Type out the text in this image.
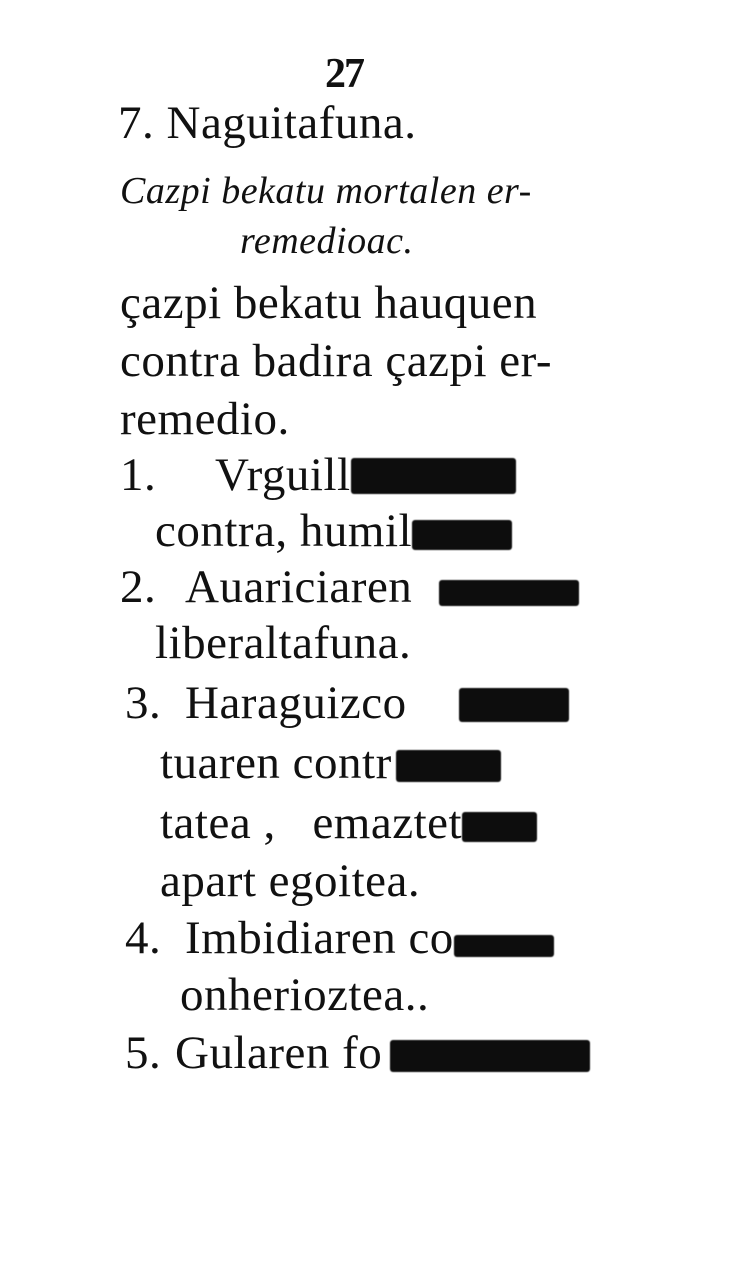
27
7. Naguitafuna.
Cazpi bekatu mortalen er-
remedioac.
çazpi bekatu hauquen
contra badira çazpi er-
remedio.
1. Vrguill
contra, humil
2. Auariciaren
liberaltafuna.
3. Haraguizco
tuaren contr
tatea ,   emaztet
apart egoitea.
4. Imbidiaren co
onherioztea..
5. Gularen fo
